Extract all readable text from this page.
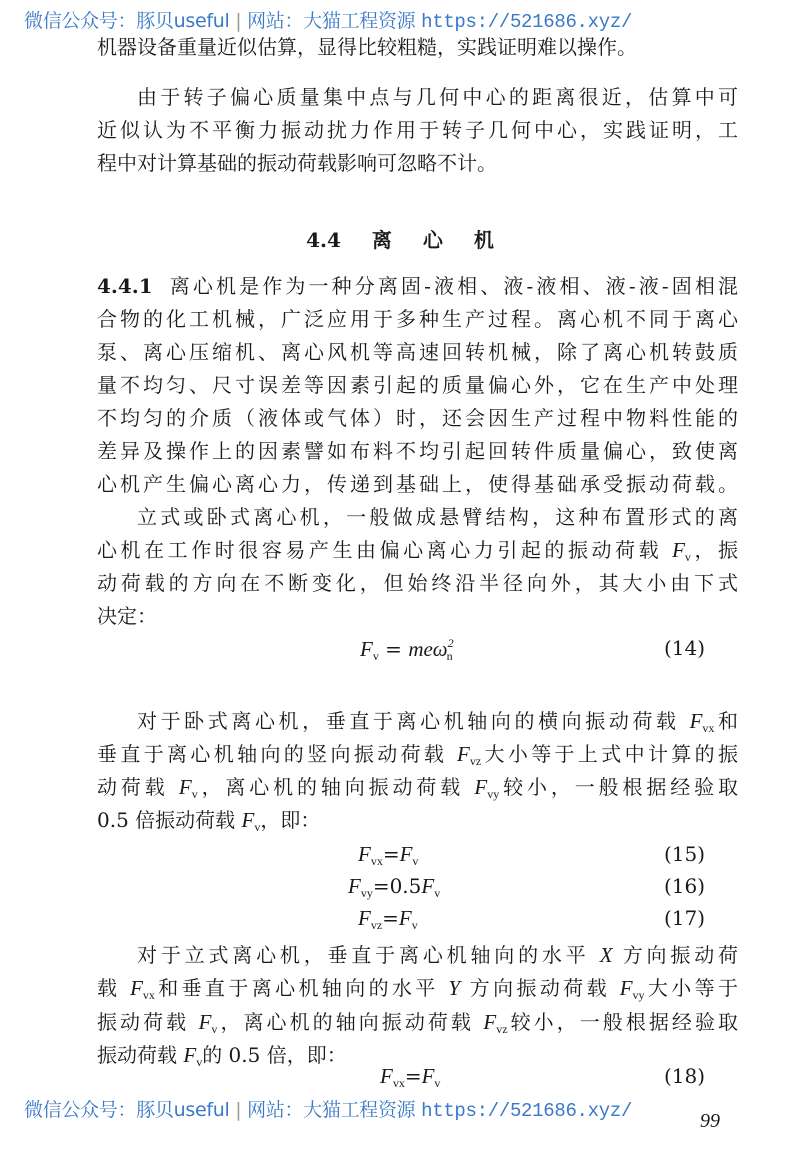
微信公众号：豚贝useful | 网站：大猫工程资源 https://521686.xyz/
机器设备重量近似估算，显得比较粗糙，实践证明难以操作。
由于转子偏心质量集中点与几何中心的距离很近，估算中可
近似认为不平衡力振动扰力作用于转子几何中心，实践证明，工
程中对计算基础的振动荷载影响可忽略不计。
4.4.1 离心机是作为一种分离固-液相、液-液相、液-液-固相混
合物的化工机械，广泛应用于多种生产过程。离心机不同于离心
泵、离心压缩机、离心风机等高速回转机械，除了离心机转鼓质
量不均匀、尺寸误差等因素引起的质量偏心外，它在生产中处理
不均匀的介质（液体或气体）时，还会因生产过程中物料性能的
差异及操作上的因素譬如布料不均引起回转件质量偏心，致使离
心机产生偏心离心力，传递到基础上，使得基础承受振动荷载。
立式或卧式离心机，一般做成悬臂结构，这种布置形式的离
心机在工作时很容易产生由偏心离心力引起的振动荷载 $F_v$，振
动荷载的方向在不断变化，但始终沿半径向外，其大小由下式
决定：
$F_v = me\omega^2_n$	(14)
对于卧式离心机，垂直于离心机轴向的横向振动荷载 $F_{vx}$和
垂直于离心机轴向的竖向振动荷载 $F_{vz}$大小等于上式中计算的振
动荷载 $F_v$，离心机的轴向振动荷载 $F_{vy}$较小，一般根据经验取
0.5 倍振动荷载 $F_v$，即：
$F_{vx}=F_v$	(15)
$F_{vy}=0.5F_v$	(16)
$F_{vz}=F_v$	(17)
对于立式离心机，垂直于离心机轴向的水平 X 方向振动荷
载 $F_{vx}$和垂直于离心机轴向的水平 Y 方向振动荷载 $F_{vy}$大小等于
振动荷载 $F_v$，离心机的轴向振动荷载 $F_{vz}$较小，一般根据经验取
振动荷载 $F_v$的 0.5 倍，即：
$F_{vx}=F_v$	(18)
4.4 离 心 机
微信公众号：豚贝useful | 网站：大猫工程资源 https://521686.xyz/	99
